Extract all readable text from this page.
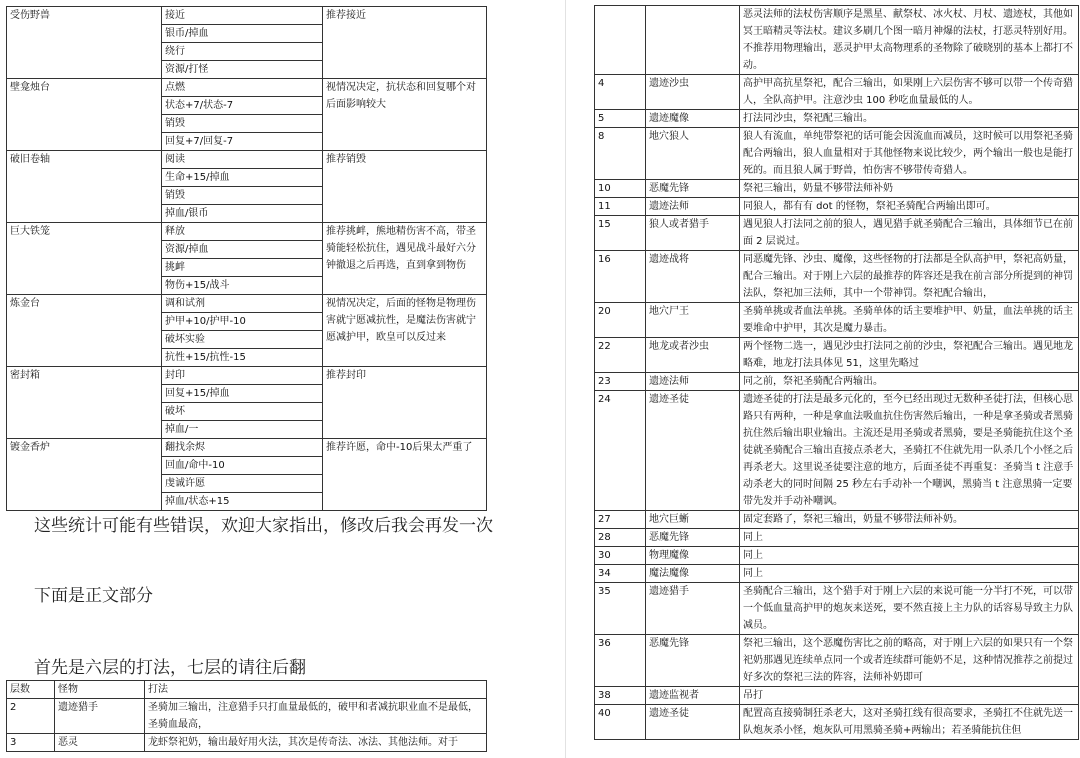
受伤野兽	接近	推荐接近
	银币/掉血	
	绕行	
	资源/打怪	
壁龛烛台	点燃	视情况决定，抗状态和回复哪个对后面影响较大
	状态+7/状态-7	
	销毁	
	回复+7/回复-7	
破旧卷轴	阅读	推荐销毁
	生命+15/掉血	
	销毁	
	掉血/银币	
巨大铁笼	释放	推荐挑衅，熊地精伤害不高，带圣骑能轻松抗住，遇见战斗最好六分钟撤退之后再选，直到拿到物伤
	资源/掉血	
	挑衅	
	物伤+15/战斗	
炼金台	调和试剂	视情况决定，后面的怪物是物理伤害就宁愿减抗性，是魔法伤害就宁愿减护甲，欧皇可以反过来
	护甲+10/护甲-10	
	破坏实验	
	抗性+15/抗性-15	
密封箱	封印	推荐封印
	回复+15/掉血	
	破坏	
	掉血/一	
镀金香炉	翻找余烬	推荐许愿，命中-10后果太严重了
	回血/命中-10	
	虔诚许愿	
	掉血/状态+15	
这些统计可能有些错误，欢迎大家指出，修改后我会再发一次
下面是正文部分
首先是六层的打法，七层的请往后翻
层数	怪物	打法
2	遗迹猎手	圣骑加三输出，注意猎手只打血量最低的，破甲和者减抗职业血不是最低，圣骑血最高，
3	恶灵	龙虾祭祀奶，输出最好用火法，其次是传奇法、冰法、其他法师。对于
		恶灵法师的法杖伤害顺序是黑星、献祭杖、冰火杖、月杖、遗迹杖，其他如冥王暗精灵等法杖。建议多刷几个图一暗月神爆的法杖，打恶灵特别好用。不推荐用物理输出，恶灵护甲太高物理系的圣物除了破晓别的基本上都打不动。
4	遗迹沙虫	高护甲高抗星祭祀，配合三输出，如果刚上六层伤害不够可以带一个传奇猎人，全队高护甲。注意沙虫 100 秒吃血量最低的人。
5	遗迹魔像	打法同沙虫，祭祀配三输出。
8	地穴狼人	狼人有流血，单纯带祭祀的话可能会因流血而减员，这时候可以用祭祀圣骑配合两输出，狼人血量相对于其他怪物来说比较少，两个输出一般也是能打死的。而且狼人属于野兽，怕伤害不够带传奇猎人。
10	恶魔先锋	祭祀三输出，奶量不够带法师补奶
11	遗迹法师	同狼人，都有有 dot 的怪物，祭祀圣骑配合两输出即可。
15	狼人或者猎手	遇见狼人打法同之前的狼人，遇见猎手就圣骑配合三输出，具体细节已在前面 2 层说过。
16	遗迹战将	同恶魔先锋、沙虫、魔像，这些怪物的打法都是全队高护甲，祭祀高奶量，配合三输出。对于刚上六层的最推荐的阵容还是我在前言部分所提到的神罚法队，祭祀加三法师，其中一个带神罚。祭祀配合输出，
20	地穴尸王	圣骑单挑或者血法单挑。圣骑单体的话主要堆护甲、奶量，血法单挑的话主要堆命中护甲，其次是魔力暴击。
22	地龙或者沙虫	两个怪物二选一，遇见沙虫打法同之前的沙虫，祭祀配合三输出。遇见地龙略难，地龙打法具体见 51，这里先略过
23	遗迹法师	同之前，祭祀圣骑配合两输出。
24	遗迹圣徒	遗迹圣徒的打法是最多元化的，至今已经出现过无数种圣徒打法，但核心思路只有两种，一种是拿血法吸血抗住伤害然后输出，一种是拿圣骑或者黑骑抗住然后输出职业输出。主流还是用圣骑或者黑骑，要是圣骑能抗住这个圣徒就圣骑配合三输出直接点杀老大，圣骑扛不住就先用一队杀几个小怪之后再杀老大。这里说圣徒要注意的地方，后面圣徒不再重复：圣骑当 t 注意手动杀老大的同时间隔 25 秒左右手动补一个嘲讽，黑骑当 t 注意黑骑一定要带先发并手动补嘲讽。
27	地穴巨蜥	固定套路了，祭祀三输出，奶量不够带法师补奶。
28	恶魔先锋	同上
30	物理魔像	同上
34	魔法魔像	同上
35	遗迹猎手	圣骑配合三输出，这个猎手对于刚上六层的来说可能一分半打不死，可以带一个低血量高护甲的炮灰来送死，要不然直接上主力队的话容易导致主力队减员。
36	恶魔先锋	祭祀三输出，这个恶魔伤害比之前的略高，对于刚上六层的如果只有一个祭祀奶那遇见连续单点同一个或者连续群可能奶不足，这种情况推荐之前提过好多次的祭祀三法的阵容，法师补奶即可
38	遗迹监视者	吊打
40	遗迹圣徒	配置高直接骑制狂杀老大，这对圣骑扛线有很高要求，圣骑扛不住就先送一队炮灰杀小怪，炮灰队可用黑骑圣骑+两输出；若圣骑能抗住但
